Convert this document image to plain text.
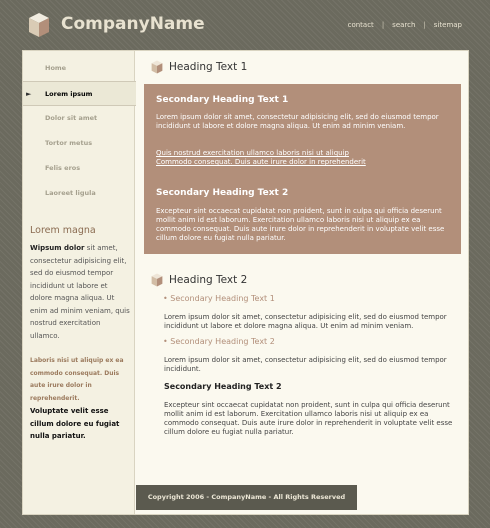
CompanyName	contact | search | sitemap
Home
► Lorem ipsum
Dolor sit amet
Tortor metus
Felis eros
Laoreet ligula
Lorem magna
Wipsum dolor sit amet, consectetur adipisicing elit, sed do eiusmod tempor incididunt ut labore et dolore magna aliqua. Ut enim ad minim veniam, quis nostrud exercitation ullamco.
Laboris nisi ut aliquip ex ea commodo consequat. Duis aute irure dolor in reprehenderit.
Voluptate velit esse cillum dolore eu fugiat nulla pariatur.
Heading Text 1
Secondary Heading Text 1
Lorem ipsum dolor sit amet, consectetur adipisicing elit, sed do eiusmod tempor incididunt ut labore et dolore magna aliqua. Ut enim ad minim veniam.
Quis nostrud exercitation ullamco laboris nisi ut aliquip
Commodo consequat. Duis aute irure dolor in reprehenderit
Secondary Heading Text 2
Excepteur sint occaecat cupidatat non proident, sunt in culpa qui officia deserunt mollit anim id est laborum. Exercitation ullamco laboris nisi ut aliquip ex ea commodo consequat. Duis aute irure dolor in reprehenderit in voluptate velit esse cillum dolore eu fugiat nulla pariatur.
Heading Text 2
• Secondary Heading Text 1
Lorem ipsum dolor sit amet, consectetur adipisicing elit, sed do eiusmod tempor incididunt ut labore et dolore magna aliqua. Ut enim ad minim veniam.
• Secondary Heading Text 2
Lorem ipsum dolor sit amet, consectetur adipisicing elit, sed do eiusmod tempor incididunt.
Secondary Heading Text 2
Excepteur sint occaecat cupidatat non proident, sunt in culpa qui officia deserunt mollit anim id est laborum. Exercitation ullamco laboris nisi ut aliquip ex ea commodo consequat. Duis aute irure dolor in reprehenderit in voluptate velit esse cillum dolore eu fugiat nulla pariatur.
Copyright 2006 - CompanyName - All Rights Reserved
